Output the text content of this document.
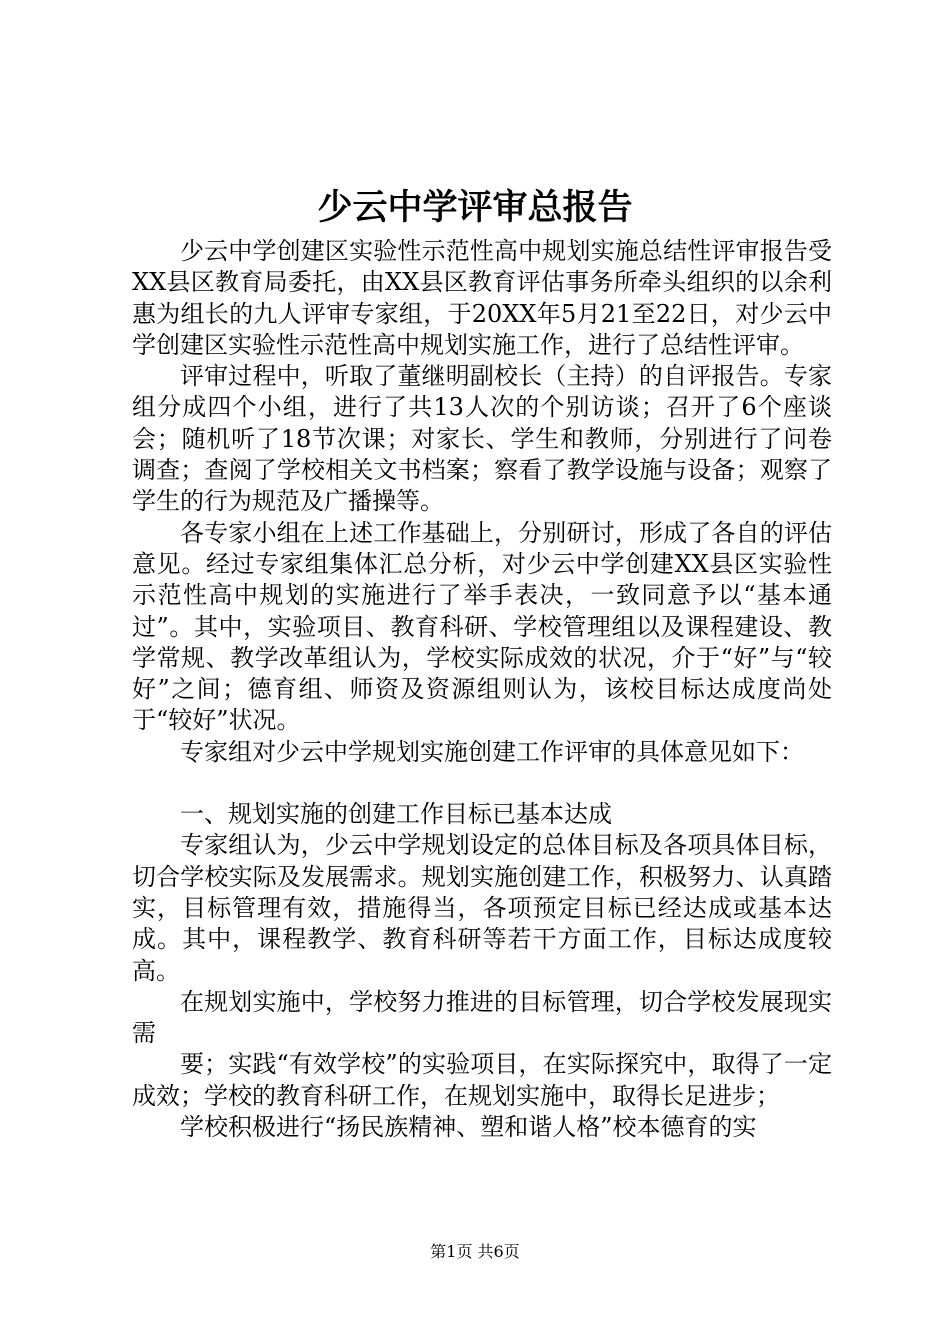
少云中学评审总报告

少云中学创建区实验性示范性高中规划实施总结性评审报告受XX县区教育局委托，由XX县区教育评估事务所牵头组织的以余利惠为组长的九人评审专家组，于20XX年5月21至22日，对少云中学创建区实验性示范性高中规划实施工作，进行了总结性评审。

评审过程中，听取了董继明副校长（主持）的自评报告。专家组分成四个小组，进行了共13人次的个别访谈；召开了6个座谈会；随机听了18节次课；对家长、学生和教师，分别进行了问卷调查；查阅了学校相关文书档案；察看了教学设施与设备；观察了学生的行为规范及广播操等。

各专家小组在上述工作基础上，分别研讨，形成了各自的评估意见。经过专家组集体汇总分析，对少云中学创建XX县区实验性示范性高中规划的实施进行了举手表决，一致同意予以“基本通过”。其中，实验项目、教育科研、学校管理组以及课程建设、教学常规、教学改革组认为，学校实际成效的状况，介于“好”与“较好”之间；德育组、师资及资源组则认为，该校目标达成度尚处于“较好”状况。

专家组对少云中学规划实施创建工作评审的具体意见如下：

一、规划实施的创建工作目标已基本达成

专家组认为，少云中学规划设定的总体目标及各项具体目标，切合学校实际及发展需求。规划实施创建工作，积极努力、认真踏实，目标管理有效，措施得当，各项预定目标已经达成或基本达成。其中，课程教学、教育科研等若干方面工作，目标达成度较高。

在规划实施中，学校努力推进的目标管理，切合学校发展现实需

要；实践“有效学校”的实验项目，在实际探究中，取得了一定成效；学校的教育科研工作，在规划实施中，取得长足进步；

学校积极进行“扬民族精神、塑和谐人格”校本德育的实

第1页 共6页
